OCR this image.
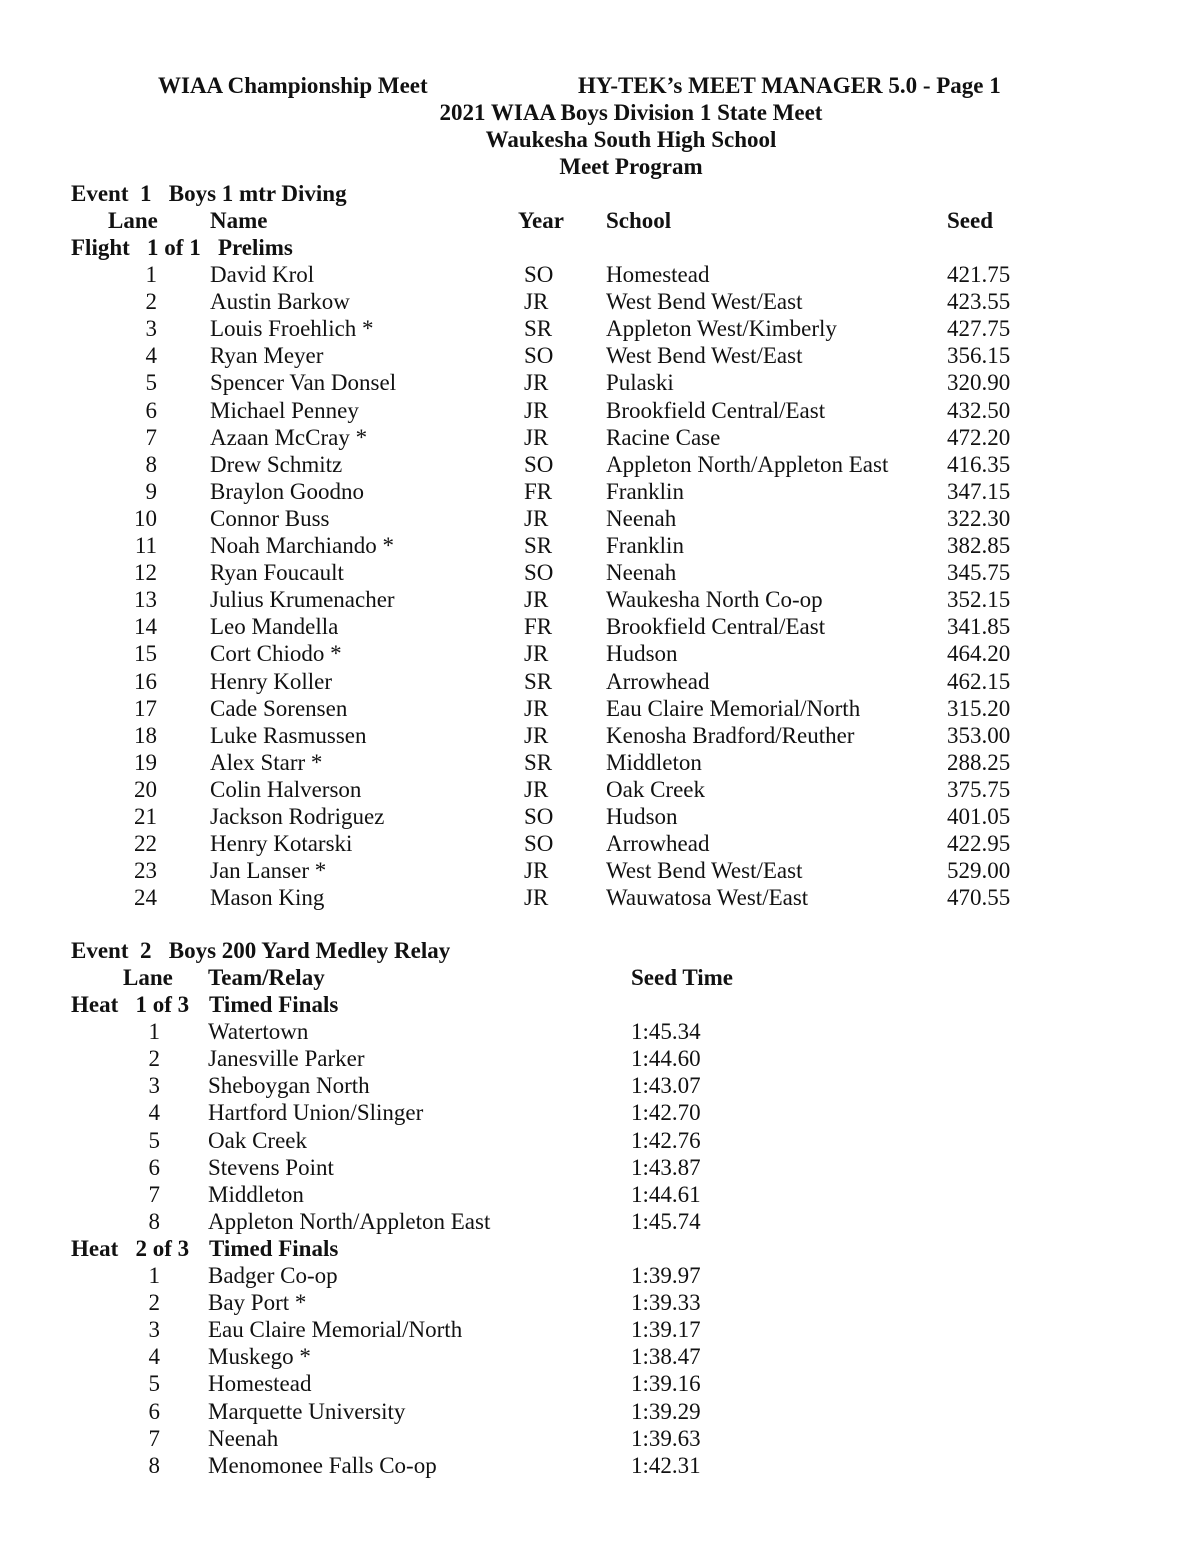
WIAA Championship Meet	HY-TEK’s MEET MANAGER 5.0 - Page 1
2021 WIAA Boys Division 1 State Meet
Waukesha South High School
Meet Program
Event  1   Boys 1 mtr Diving
Lane Name	Year School	Seed
Flight   1 of 1   Prelims
1 David Krol	SO Homestead	421.75
2 Austin Barkow	JR	West Bend West/East	423.55
3 Louis Froehlich *	SR Appleton West/Kimberly	427.75
4 Ryan Meyer	SO West Bend West/East	356.15
5 Spencer Van Donsel	JR	Pulaski	320.90
6 Michael Penney	JR	Brookfield Central/East	432.50
7 Azaan McCray *	JR	Racine Case	472.20
8 Drew Schmitz	SO Appleton North/Appleton East	416.35
9 Braylon Goodno	FR Franklin	347.15
10 Connor Buss	JR	Neenah	322.30
11 Noah Marchiando *	SR Franklin	382.85
12 Ryan Foucault	SO Neenah	345.75
13 Julius Krumenacher	JR	Waukesha North Co-op	352.15
14 Leo Mandella	FR Brookfield Central/East	341.85
15 Cort Chiodo *	JR	Hudson	464.20
16 Henry Koller	SR Arrowhead	462.15
17 Cade Sorensen	JR	Eau Claire Memorial/North	315.20
18 Luke Rasmussen	JR	Kenosha Bradford/Reuther	353.00
19 Alex Starr *	SR Middleton	288.25
20 Colin Halverson	JR	Oak Creek	375.75
21 Jackson Rodriguez	SO Hudson	401.05
22 Henry Kotarski	SO Arrowhead	422.95
23 Jan Lanser *	JR	West Bend West/East	529.00
24 Mason King	JR	Wauwatosa West/East	470.55
Event  2   Boys 200 Yard Medley Relay
Lane Team/Relay	Seed Time
Heat   1 of 3 Timed Finals
1 Watertown	1:45.34
2 Janesville Parker	1:44.60
3 Sheboygan North	1:43.07
4 Hartford Union/Slinger	1:42.70
5 Oak Creek	1:42.76
6 Stevens Point	1:43.87
7 Middleton	1:44.61
8 Appleton North/Appleton East	1:45.74
Heat   2 of 3 Timed Finals
1 Badger Co-op	1:39.97
2 Bay Port *	1:39.33
3 Eau Claire Memorial/North	1:39.17
4 Muskego *	1:38.47
5 Homestead	1:39.16
6 Marquette University	1:39.29
7 Neenah	1:39.63
8 Menomonee Falls Co-op	1:42.31
